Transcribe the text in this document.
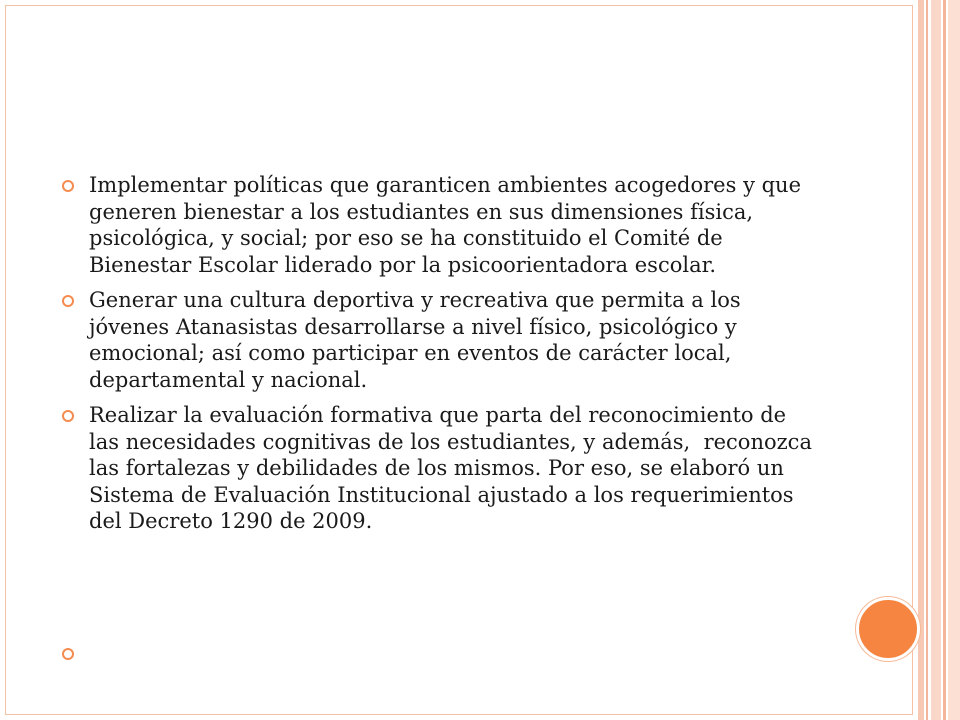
Implementar políticas que garanticen ambientes acogedores y que generen bienestar a los estudiantes en sus dimensiones física, psicológica, y social; por eso se ha constituido el Comité de Bienestar Escolar liderado por la psicoorientadora escolar.
Generar una cultura deportiva y recreativa que permita a los jóvenes Atanasistas desarrollarse a nivel físico, psicológico y emocional; así como participar en eventos de carácter local, departamental y nacional.
Realizar la evaluación formativa que parta del reconocimiento de las necesidades cognitivas de los estudiantes, y además,  reconozca las fortalezas y debilidades de los mismos. Por eso, se elaboró un Sistema de Evaluación Institucional ajustado a los requerimientos del Decreto 1290 de 2009.
